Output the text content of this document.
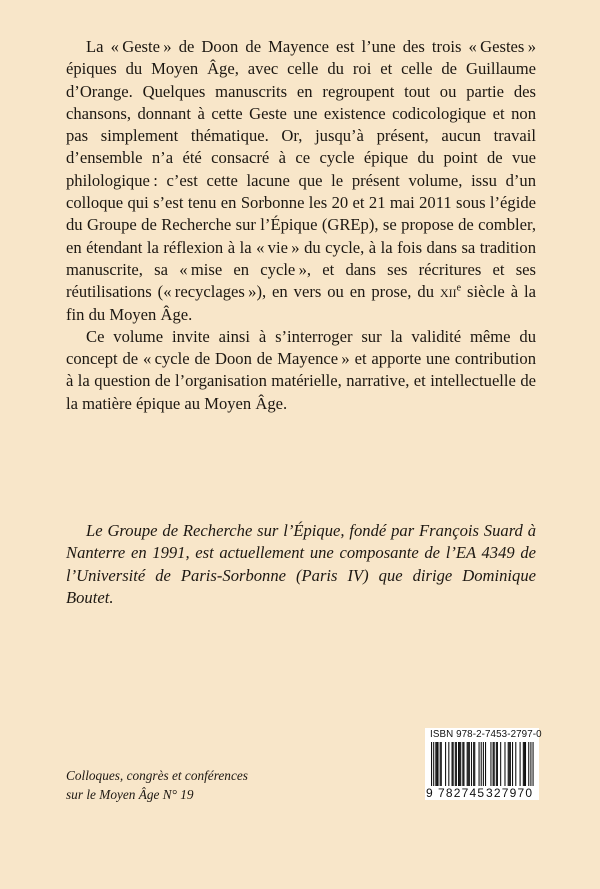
La « Geste » de Doon de Mayence est l’une des trois « Gestes » épiques du Moyen Âge, avec celle du roi et celle de Guillaume d’Orange. Quelques manuscrits en regroupent tout ou partie des chansons, donnant à cette Geste une existence codicologique et non pas simplement thématique. Or, jusqu’à présent, aucun travail d’ensemble n’a été consacré à ce cycle épique du point de vue philologique : c’est cette lacune que le présent volume, issu d’un colloque qui s’est tenu en Sorbonne les 20 et 21 mai 2011 sous l’égide du Groupe de Recherche sur l’Épique (GREp), se propose de combler, en étendant la réflexion à la « vie » du cycle, à la fois dans sa tradition manuscrite, sa « mise en cycle », et dans ses récritures et ses réutilisations (« recyclages »), en vers ou en prose, du xii$^e$ siècle à la fin du Moyen Âge.

Ce volume invite ainsi à s’interroger sur la validité même du concept de « cycle de Doon de Mayence » et apporte une contribution à la question de l’organisation matérielle, narrative, et intellectuelle de la matière épique au Moyen Âge.

Le Groupe de Recherche sur l’Épique, fondé par François Suard à Nanterre en 1991, est actuellement une composante de l’EA 4349 de l’Université de Paris-Sorbonne (Paris IV) que dirige Dominique Boutet.

Colloques, congrès et conférences
sur le Moyen Âge N° 19
ISBN 978-2-7453-2797-0
9 782745 327970
